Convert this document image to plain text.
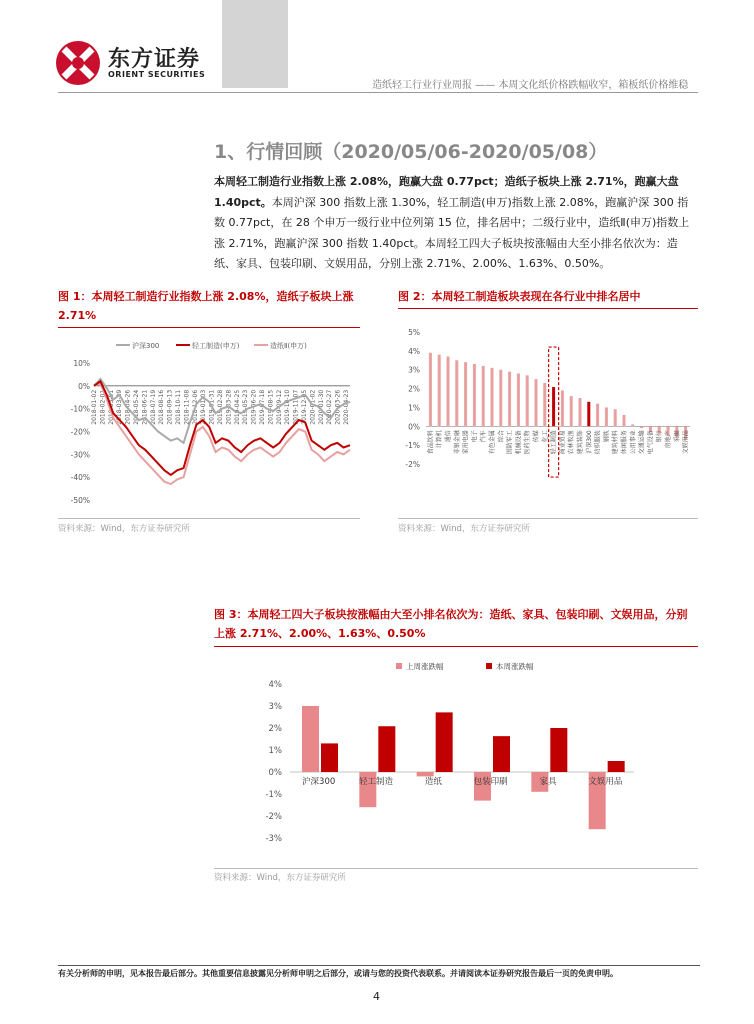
东方证券
ORIENT SECURITIES
造纸轻工行业行业周报 —— 本周文化纸价格跌幅收窄，箱板纸价格维稳
1、行情回顾（2020/05/06-2020/05/08）
本周轻工制造行业指数上涨 2.08%，跑赢大盘 0.77pct；造纸子板块上涨 2.71%，跑赢大盘 1.40pct。本周沪深 300 指数上涨 1.30%，轻工制造(申万)指数上涨 2.08%，跑赢沪深 300 指数 0.77pct，在 28 个申万一级行业中位列第 15 位，排名居中；二级行业中，造纸Ⅱ(申万)指数上涨 2.71%，跑赢沪深 300 指数 1.40pct。本周轻工四大子板块按涨幅由大至小排名依次为：造纸、家具、包装印刷、文娱用品，分别上涨 2.71%、2.00%、1.63%、0.50%。
图 1：本周轻工制造行业指数上涨 2.08%，造纸子板块上涨 2.71%
沪深300	轻工制造(申万)	造纸Ⅱ(申万)
10%
0%
-10%
-20%
-30%
-40%
-50%
2018-01-02 2018-02-01 2018-03-01 2018-03-29 2018-04-26 2018-05-24 2018-06-21 2018-07-19 2018-08-16 2018-09-13 2018-10-11 2018-11-08 2018-12-06 2019-01-03 2019-01-31 2019-02-28 2019-03-28 2019-04-25 2019-05-23 2019-06-20 2019-07-18 2019-08-15 2019-09-12 2019-10-10 2019-11-07 2019-12-05 2020-01-02 2020-01-30 2020-02-27 2020-03-26 2020-04-23
资料来源：Wind，东方证券研究所
图 2：本周轻工制造板块表现在各行业中排名居中
5%
4%
3%
2%
1%
0%
-1%
-2%
食品饮料 计算机 通信 非银金融 家用电器 电子 汽车 有色金属 综合 国防军工 机械设备 医药生物 传媒 化工 轻工制造 商业贸易 农林牧渔 建筑装饰 沪深300 纺织服装 钢铁 建筑材料 休闲服务 公用事业 交通运输 电气设备 银行 房地产 采掘 文娱用品
资料来源：Wind，东方证券研究所
图 3：本周轻工四大子板块按涨幅由大至小排名依次为：造纸、家具、包装印刷、文娱用品，分别上涨 2.71%、2.00%、1.63%、0.50%
上周涨跌幅	本周涨跌幅
4%
3%
2%
1%
0%
-1%
-2%
-3%
沪深300	轻工制造	造纸	包装印刷	家具	文娱用品
资料来源：Wind，东方证券研究所
有关分析师的申明，见本报告最后部分。其他重要信息披露见分析师申明之后部分，或请与您的投资代表联系。并请阅读本证券研究报告最后一页的免责申明。
4
